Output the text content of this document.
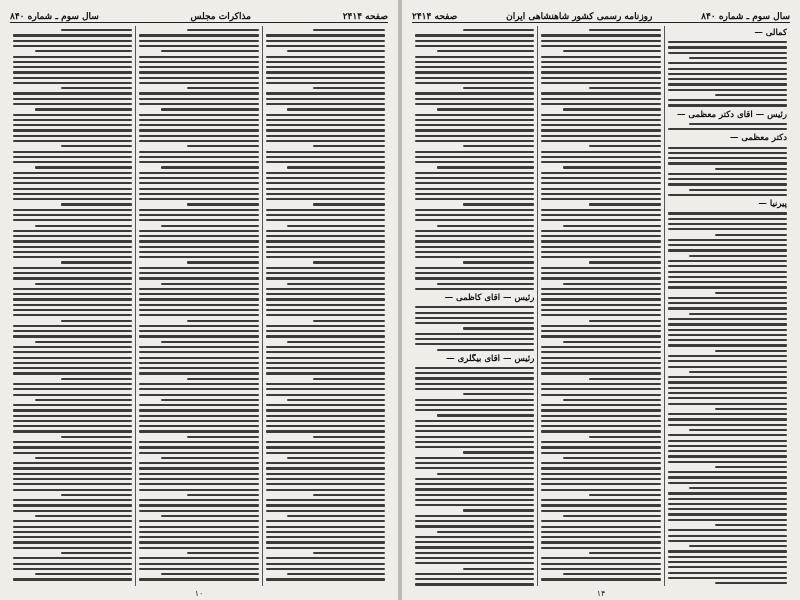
صفحه ۲۴۱۴
مذاکرات مجلس
سال سوم ـ شماره ۸۴۰
۱۰
سال سوم ـ شماره ۸۴۰
روزنامه رسمی کشور شاهنشاهی ایران
صفحه ۲۴۱۴
کمالی —
رئیس — آقای دکتر معظمی —
دکتر معظمی —
پیرنیا —
رئیس — آقای کاظمی —
رئیس — آقای بیگلری —
۱۴
